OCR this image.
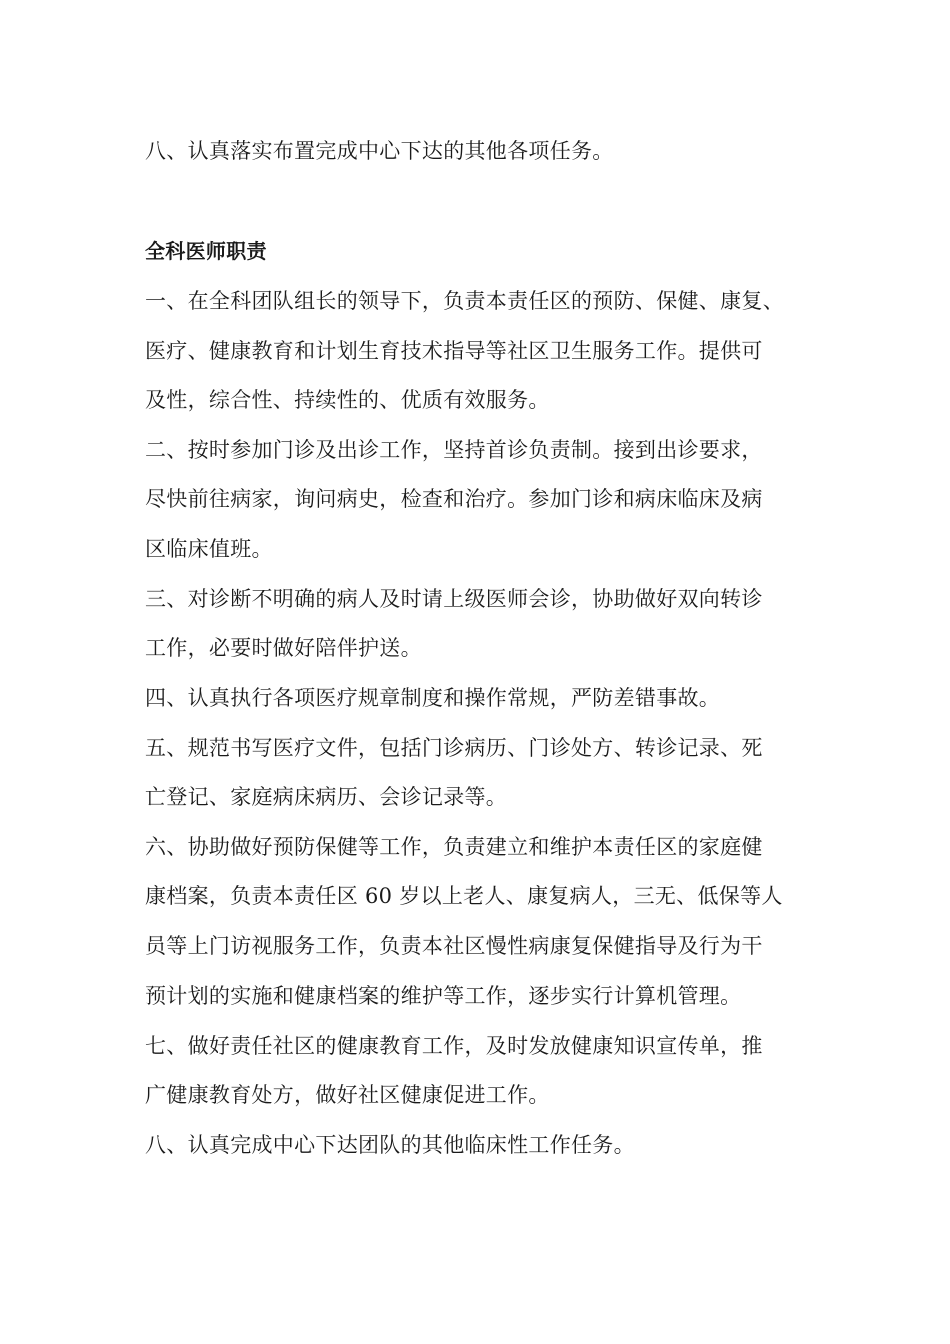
八、认真落实布置完成中心下达的其他各项任务。
全科医师职责
一、在全科团队组长的领导下，负责本责任区的预防、保健、康复、
医疗、健康教育和计划生育技术指导等社区卫生服务工作。提供可
及性，综合性、持续性的、优质有效服务。
二、按时参加门诊及出诊工作，坚持首诊负责制。接到出诊要求，
尽快前往病家，询问病史，检查和治疗。参加门诊和病床临床及病
区临床值班。
三、对诊断不明确的病人及时请上级医师会诊，协助做好双向转诊
工作，必要时做好陪伴护送。
四、认真执行各项医疗规章制度和操作常规，严防差错事故。
五、规范书写医疗文件，包括门诊病历、门诊处方、转诊记录、死
亡登记、家庭病床病历、会诊记录等。
六、协助做好预防保健等工作，负责建立和维护本责任区的家庭健
康档案，负责本责任区 60 岁以上老人、康复病人，三无、低保等人
员等上门访视服务工作，负责本社区慢性病康复保健指导及行为干
预计划的实施和健康档案的维护等工作，逐步实行计算机管理。
七、做好责任社区的健康教育工作，及时发放健康知识宣传单，推
广健康教育处方，做好社区健康促进工作。
八、认真完成中心下达团队的其他临床性工作任务。
